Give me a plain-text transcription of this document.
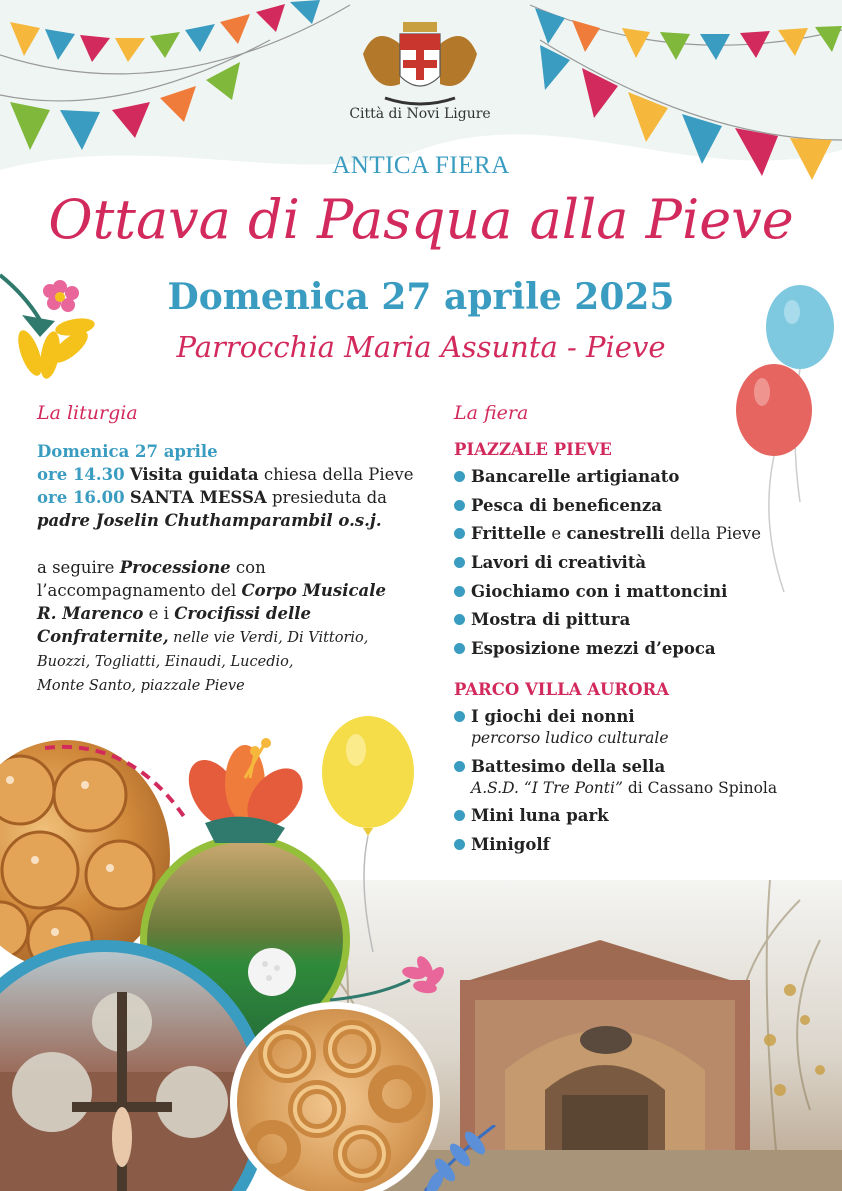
Città di Novi Ligure
ANTICA FIERA
Ottava di Pasqua alla Pieve
Domenica 27 aprile 2025
Parrocchia Maria Assunta - Pieve
La liturgia
Domenica 27 aprile
ore 14.30 Visita guidata chiesa della Pieve
ore 16.00 SANTA MESSA presieduta da
padre Joselin Chuthamparambil o.s.j.
a seguire Processione con
l’accompagnamento del Corpo Musicale
R. Marenco e i Crocifissi delle
Confraternite, nelle vie Verdi, Di Vittorio,
Buozzi, Togliatti, Einaudi, Lucedio,
Monte Santo, piazzale Pieve
La fiera
PIAZZALE PIEVE
Bancarelle artigianato
Pesca di beneficenza
Frittelle e canestrelli della Pieve
Lavori di creatività
Giochiamo con i mattoncini
Mostra di pittura
Esposizione mezzi d’epoca
PARCO VILLA AURORA
I giochi dei nonni
percorso ludico culturale
Battesimo della sella
A.S.D. “I Tre Ponti” di Cassano Spinola
Mini luna park
Minigolf
